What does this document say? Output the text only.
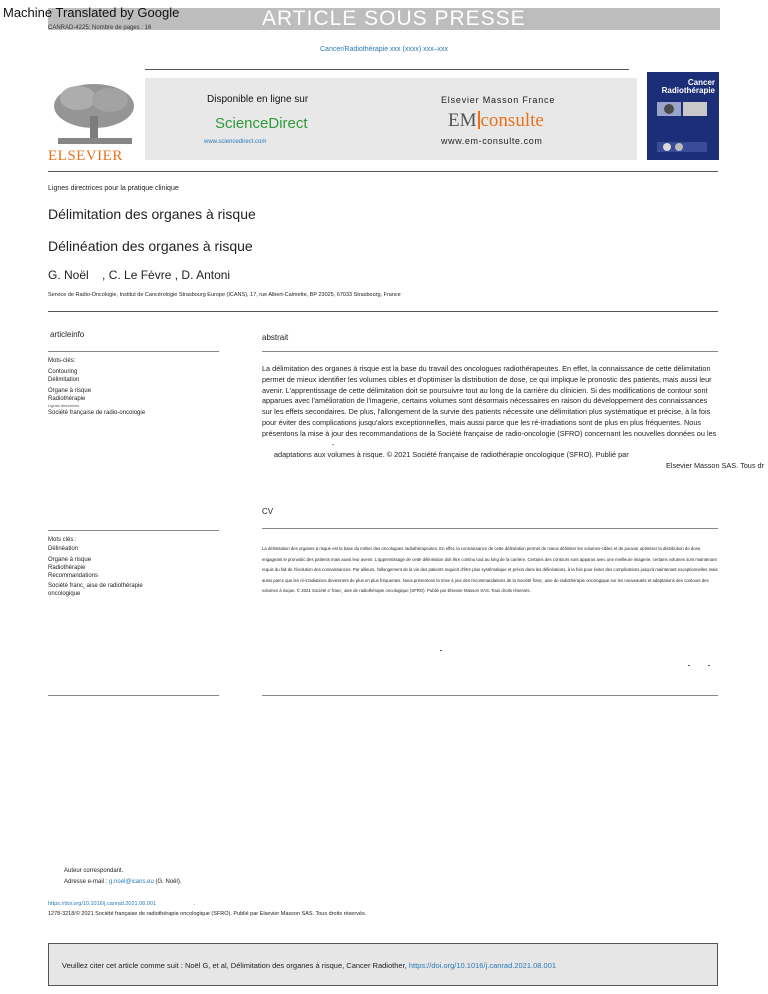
ARTICLE SOUS PRESSE
Machine Translated by Google
CANRAD-4225; Nombre de pages : 16
Cancer/Radiothérapie xxx (xxxx) xxx–xxx
ELSEVIER
Disponible en ligne sur
ScienceDirect
www.sciencedirect.com
Elsevier Masson France
EM consulte
www.em-consulte.com
Cancer
Radiothérapie
Lignes directrices pour la pratique clinique
Délimitation des organes à risque
Délinéation des organes à risque
G. Noël , C. Le Fèvre , D. Antoni
Service de Radio-Oncologie, Institut de Cancérologie Strasbourg Europe (ICANS), 17, rue Albert-Calmette, BP 23025, 67033 Strasbourg, France
articleinfo
Mots-clés:
Contouring
Délimitation
Organe à risque
Radiothérapie
Lignes directrices
Société française de radio-oncologie
Mots clés :
Délinéation
Organe à risque
Radiothérapie
Recommandations
Société franc¸ aise de radiothérapie
oncologique
abstrait
La délimitation des organes à risque est la base du travail des oncologues radiothérapeutes. En effet, la connaissance de cette délimitation permet de mieux identifier les volumes cibles et d'optimiser la distribution de dose, ce qui implique le pronostic des patients, mais aussi leur avenir. L'apprentissage de cette délimitation doit se poursuivre tout au long de la carrière du clinicien. Si des modifications de contour sont apparues avec l'amélioration de l'imagerie, certains volumes sont désormais nécessaires en raison du développement des connaissances sur les effets secondaires. De plus, l'allongement de la survie des patients nécessite une délimitation plus systématique et précise, à la fois pour éviter des complications jusqu'alors exceptionnelles, mais aussi parce que les ré-irradiations sont de plus en plus fréquentes. Nous présentons la mise à jour des recommandations de la Société française de radio-oncologie (SFRO) concernant les nouvelles données ou les -
adaptations aux volumes à risque. © 2021 Société française de radiothérapie oncologique (SFRO). Publié par
Elsevier Masson SAS. Tous dr
CV
La délimitation des organes à risque est la base du métier des oncologues radiothérapeutes. En effet, la connaissance de cette délinéation permet de mieux délimiter les volumes-cibles et de pouvoir optimiser la distribution de dose, engageant le pronostic des patients mais aussi leur avenir. L'apprentissage de cette délinéation doit être continu tout au long de la carrière. Certains des contours sont apparus avec une meilleure imagerie, certains volumes sont maintenant requis du fait de l'évolution des connaissances. Par ailleurs, l'allongement de la vie des patients requiert d'être plus systématique et précis dans les délinéations, à la fois pour éviter des complications jusqu'à maintenant exceptionnelles mais aussi parce que les ré-irradiations deviennent de plus en plus fréquentes. Nous présentons la mise à jour des recommandations de la Société franc¸ aise de radiothérapie oncologique sur les nouveautés et adaptations des contours des volumes à risque. © 2021 Société e' franc¸ aise de radiothérapie oncologique (SFRO). Publié par Elsevier Masson SAS. Tous droits réservés.
Auteur correspondant.
Adresse e-mail : g.noel@icans.eu (G. Noël).
https://doi.org/10.1016/j.canrad.2021.08.001	.
1278-3218/© 2021 Société française de radiothérapie oncologique (SFRO). Publié par Elsevier Masson SAS. Tous droits réservés.
Veuillez citer cet article comme suit : Noël G, et al, Délimitation des organes à risque, Cancer Radiother, https://doi.org/10.1016/j.canrad.2021.08.001
